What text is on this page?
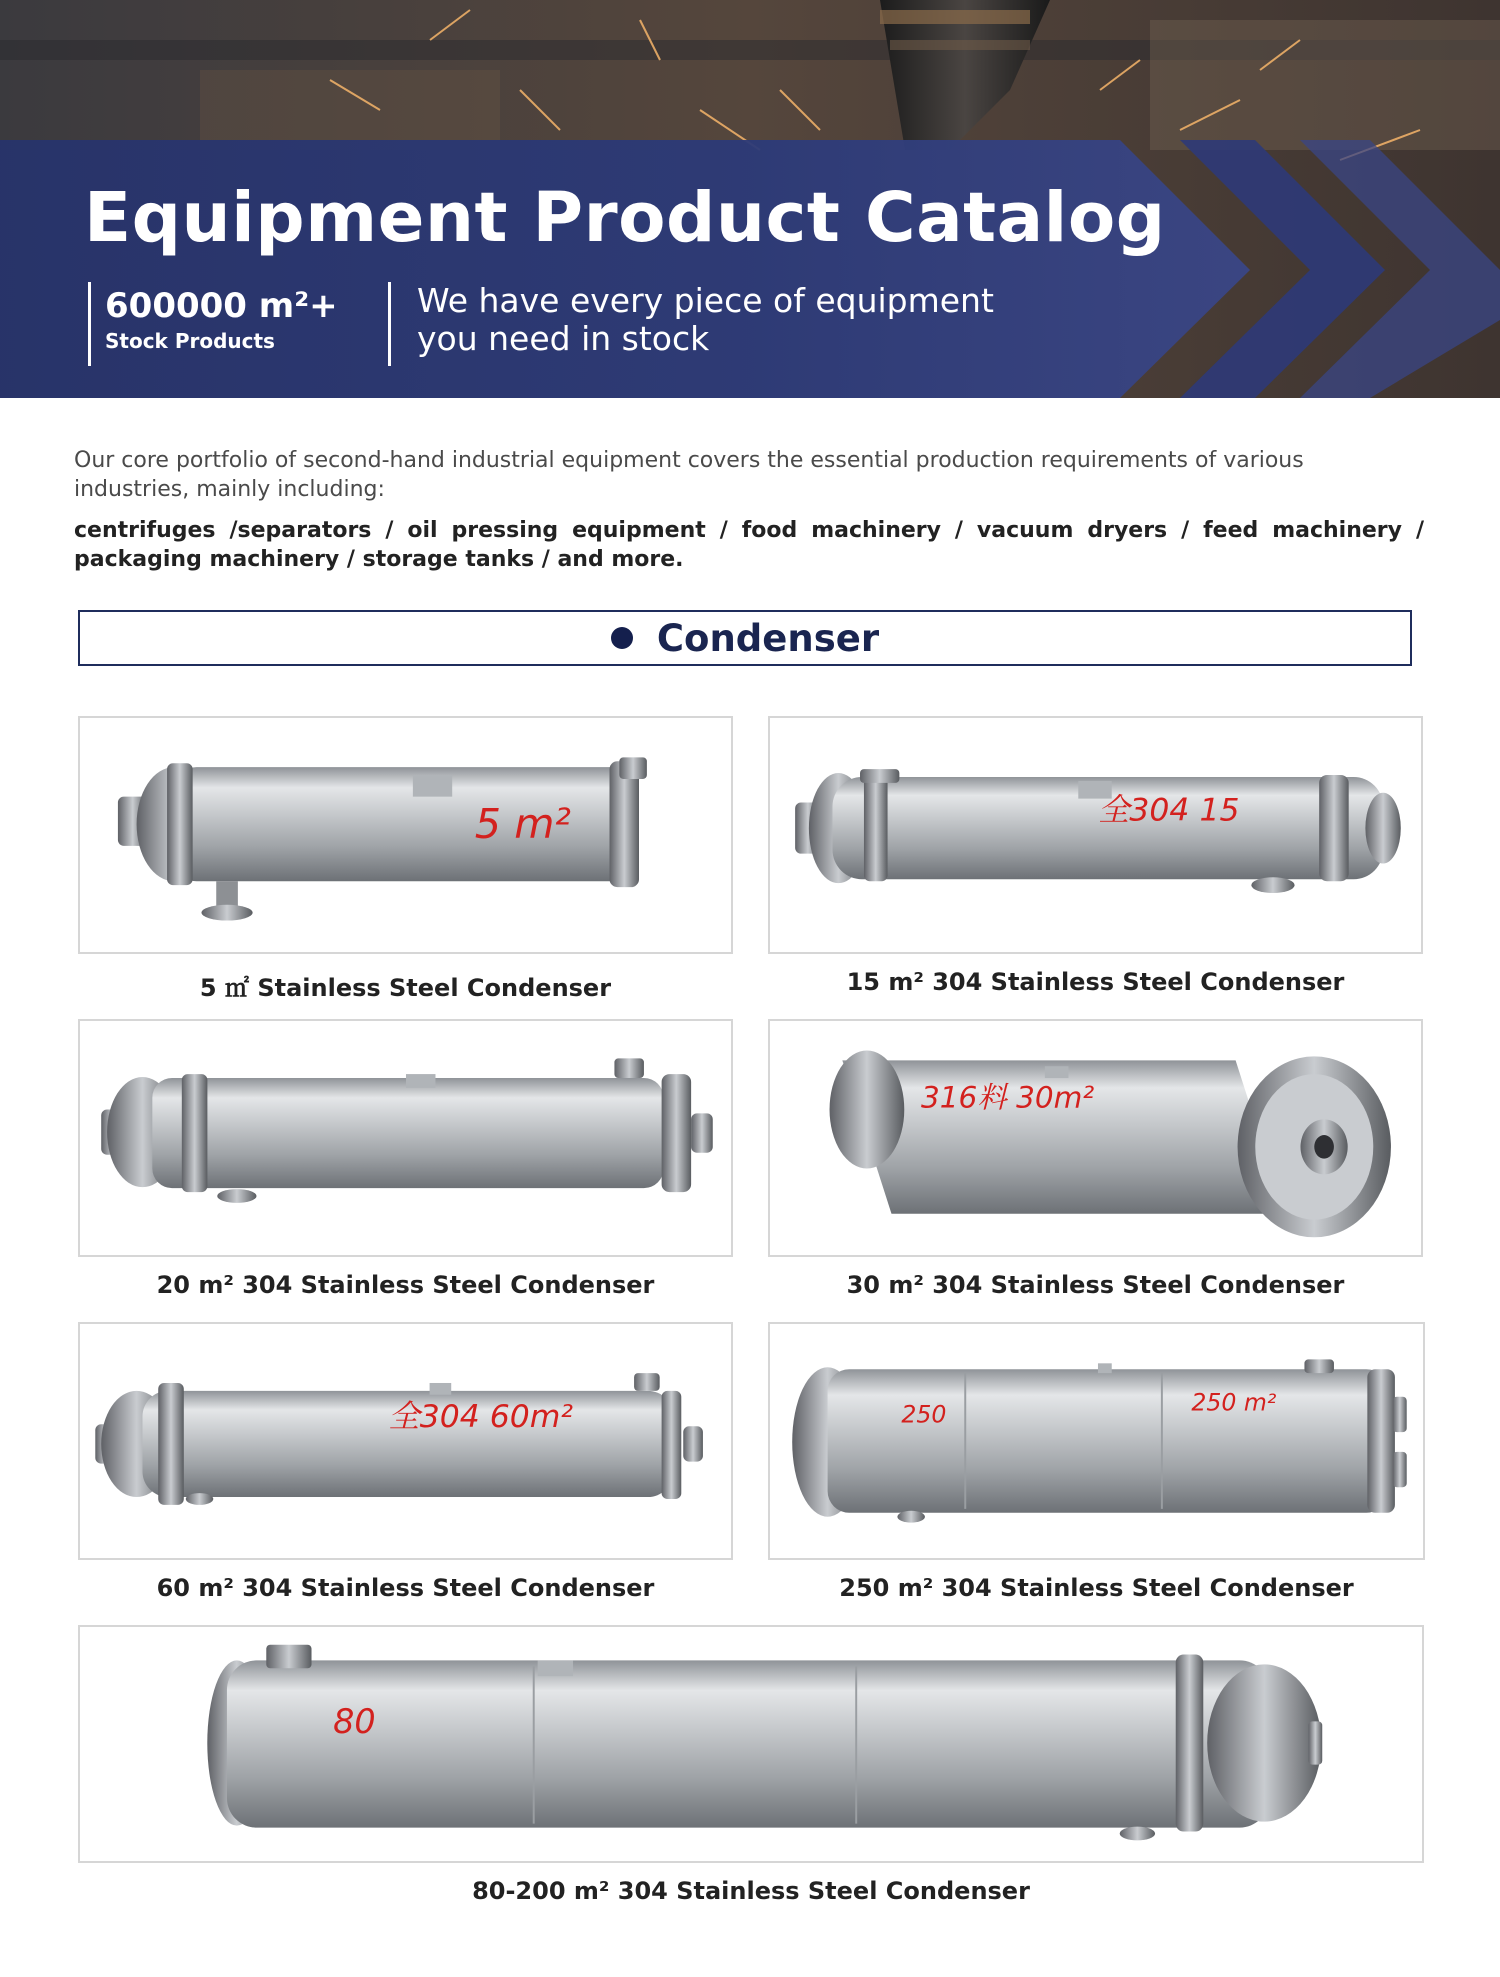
Equipment Product Catalog
600000 m²+
Stock Products
We have every piece of equipment
you need in stock

Our core portfolio of second-hand industrial equipment covers the essential production requirements of various industries, mainly including:

centrifuges /separators / oil pressing equipment / food machinery / vacuum dryers / feed machinery / packaging machinery / storage tanks / and more.

Condenser
5 m²
5 ㎡ Stainless Steel Condenser
全304 15
15 m² 304 Stainless Steel Condenser
20 m² 304 Stainless Steel Condenser
316料 30m²
30 m² 304 Stainless Steel Condenser
全304 60m²
60 m² 304 Stainless Steel Condenser
250	250 m²
250 m² 304 Stainless Steel Condenser
80
80-200 m² 304 Stainless Steel Condenser
